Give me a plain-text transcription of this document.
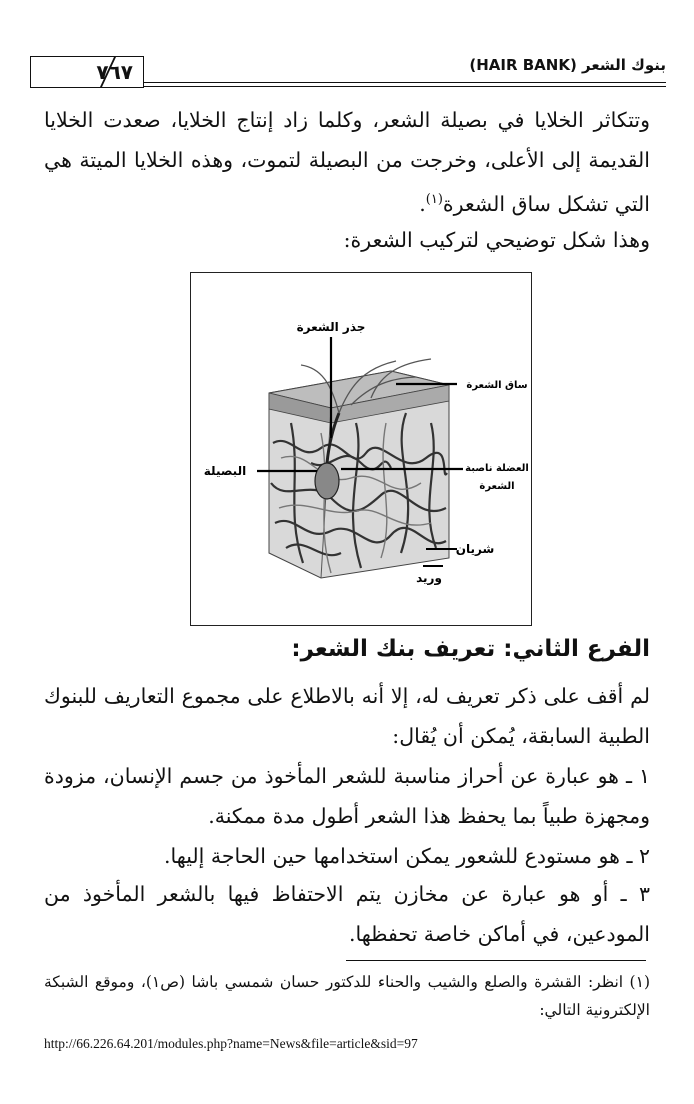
٧٦٧	بنوك الشعر (HAIR BANK)
وتتكاثر الخلايا في بصيلة الشعر، وكلما زاد إنتاج الخلايا، صعدت الخلايا القديمة إلى الأعلى، وخرجت من البصيلة لتموت، وهذه الخلايا الميتة هي التي تشكل ساق الشعرة$^{(١)}$.
وهذا شكل توضيحي لتركيب الشعرة:
جذر الشعرة
ساق الشعرة
البصيلة	العضلة ناصبة
الشعرة
شريان
وريد
الفرع الثاني: تعريف بنك الشعر:
لم أقف على ذكر تعريف له، إلا أنه بالاطلاع على مجموع التعاريف للبنوك الطبية السابقة، يُمكن أن يُقال:
١ ـ هو عبارة عن أحراز مناسبة للشعر المأخوذ من جسم الإنسان، مزودة ومجهزة طبياً بما يحفظ هذا الشعر أطول مدة ممكنة.
٢ ـ هو مستودع للشعور يمكن استخدامها حين الحاجة إليها.
٣ ـ أو هو عبارة عن مخازن يتم الاحتفاظ فيها بالشعر المأخوذ من المودعين، في أماكن خاصة تحفظها.
(١) انظر: القشرة والصلع والشيب والحناء للدكتور حسان شمسي باشا (ص١)، وموقع الشبكة الإلكترونية التالي:
http://66.226.64.201/modules.php?name=News&file=article&sid=97
